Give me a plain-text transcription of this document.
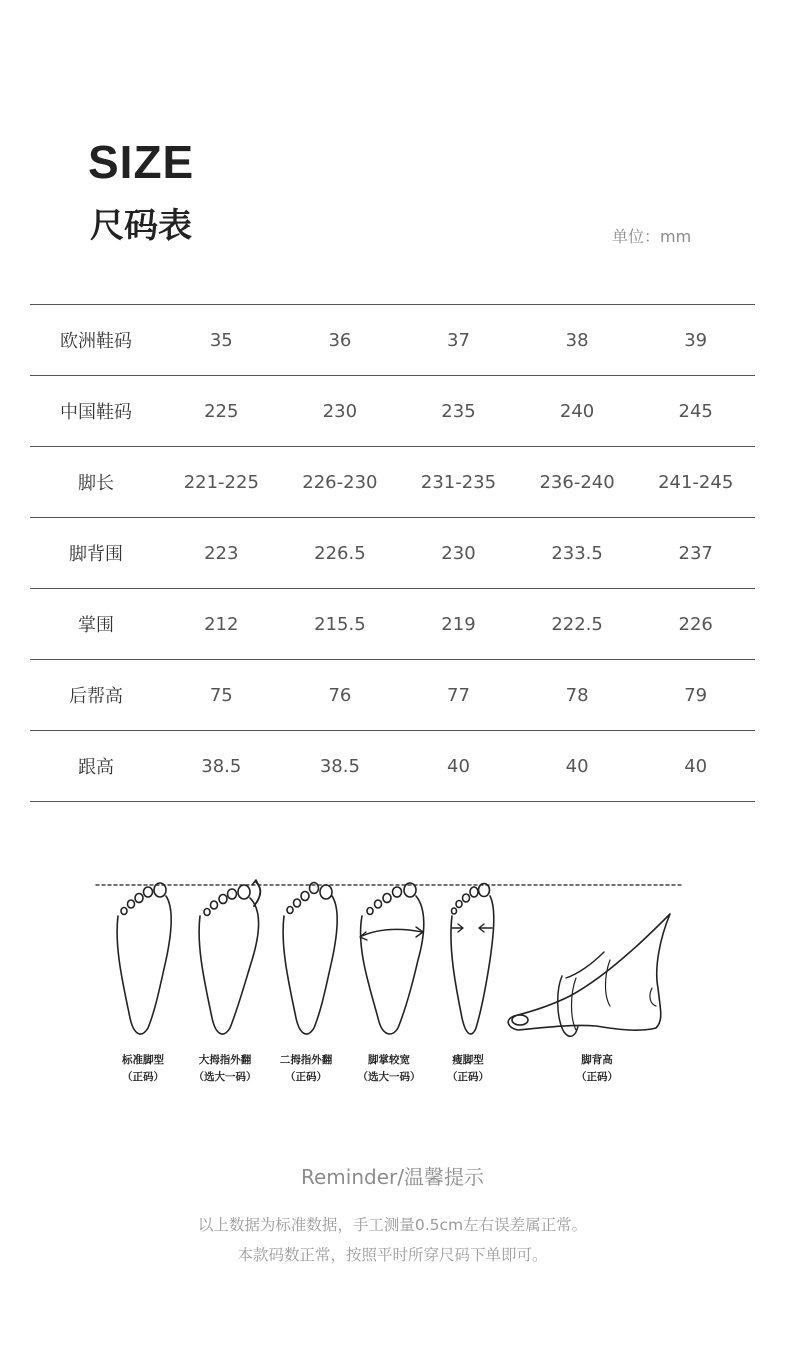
SIZE
尺码表	单位：mm
欧洲鞋码	35	36	37	38	39
中国鞋码	225	230	235	240	245
脚长	221-225	226-230	231-235	236-240	241-245
脚背围	223	226.5	230	233.5	237
掌围	212	215.5	219	222.5	226
后帮高	75	76	77	78	79
跟高	38.5	38.5	40	40	40
标准脚型
（正码）
大拇指外翻
（选大一码）
二拇指外翻
（正码）
脚掌较宽
（选大一码）
瘦脚型
（正码）
脚背高
（正码）
Reminder/温馨提示
以上数据为标准数据，手工测量0.5cm左右误差属正常。
本款码数正常，按照平时所穿尺码下单即可。
